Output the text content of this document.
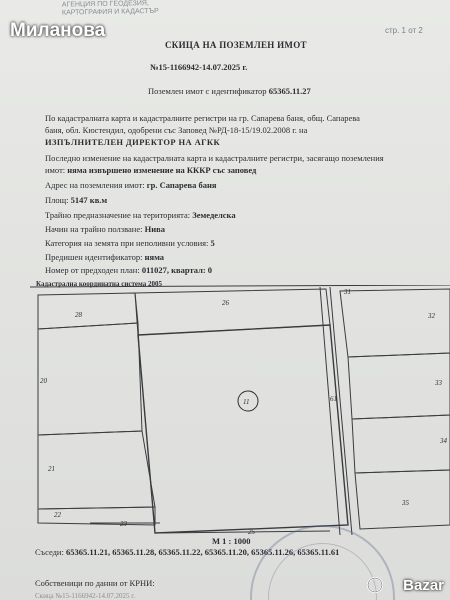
АГЕНЦИЯ ПО ГЕОДЕЗИЯ,
КАРТОГРАФИЯ И КАДАСТЪР
Миланова	стр. 1 от 2
СКИЦА НА ПОЗЕМЛЕН ИМОТ
№15-1166942-14.07.2025 г.
Поземлен имот с идентификатор 65365.11.27
По кадастралната карта и кадастралните регистри на гр. Сапарева баня, общ. Сапарева
баня, обл. Кюстендил, одобрени със Заповед №РД-18-15/19.02.2008 г. на
ИЗПЪЛНИТЕЛЕН ДИРЕКТОР НА АГКК
Последно изменение на кадастралната карта и кадастралните регистри, засягащо поземления
имот: няма извършено изменение на КККР със заповед
Адрес на поземления имот: гр. Сапарева баня
Площ: 5147 кв.м
Трайно предназначение на територията: Земеделска
Начин на трайно ползване: Нива
Категория на земята при неполивни условия: 5
Предишен идентификатор: няма
Номер от предходен план: 011027, квартал: 0
Кадастрална координатна система 2005
28
26
20
11
21
22
23
25
31
32
33
34
35
61
М 1 : 1000
Съседи: 65365.11.21, 65365.11.28, 65365.11.22, 65365.11.20, 65365.11.26, 65365.11.61
Собственици по данни от КРНИ:
Скица №15-1166942-14.07.2025 г.
Bazar
